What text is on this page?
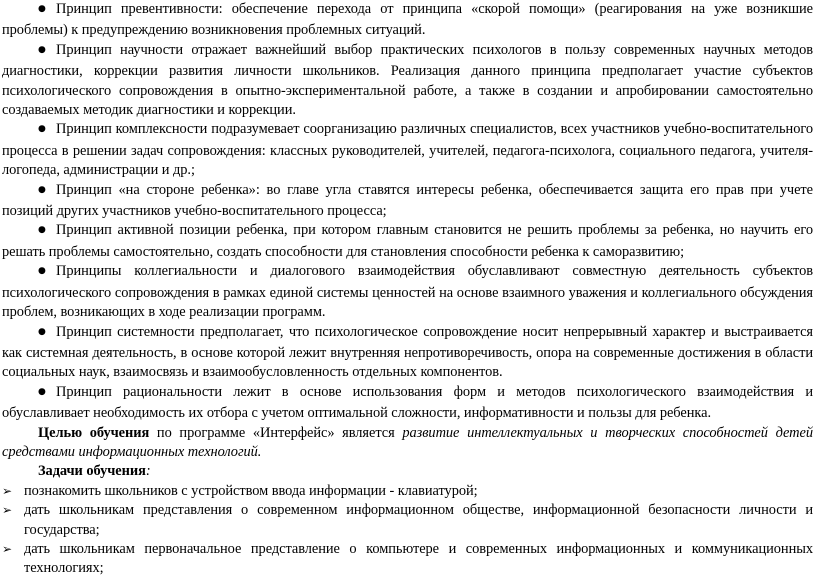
●Принцип превентивности: обеспечение перехода от принципа «скорой помощи» (реагирования на уже возникшие проблемы) к предупреждению возникновения проблемных ситуаций.

●Принцип научности отражает важнейший выбор практических психологов в пользу современных научных методов диагностики, коррекции развития личности школьников. Реализация данного принципа предполагает участие субъектов психологического сопровождения в опытно-экспериментальной работе, а также в создании и апробировании самостоятельно создаваемых методик диагностики и коррекции.

●Принцип комплексности подразумевает соорганизацию различных специалистов, всех участников учебно-воспитательного процесса в решении задач сопровождения: классных руководителей, учителей, педагога-психолога, социального педагога, учителя-логопеда, администрации и др.;

●Принцип «на стороне ребенка»: во главе угла ставятся интересы ребенка, обеспечивается защита его прав при учете позиций других участников учебно-воспитательного процесса;

●Принцип активной позиции ребенка, при котором главным становится не решить проблемы за ребенка, но научить его решать проблемы самостоятельно, создать способности для становления способности ребенка к саморазвитию;

●Принципы коллегиальности и диалогового взаимодействия обуславливают совместную деятельность субъектов психологического сопровождения в рамках единой системы ценностей на основе взаимного уважения и коллегиального обсуждения проблем, возникающих в ходе реализации программ.

●Принцип системности предполагает, что психологическое сопровождение носит непрерывный характер и выстраивается как системная деятельность, в основе которой лежит внутренняя непротиворечивость, опора на современные достижения в области социальных наук, взаимосвязь и взаимообусловленность отдельных компонентов.

●Принцип рациональности лежит в основе использования форм и методов психологического взаимодействия и обуславливает необходимость их отбора с учетом оптимальной сложности, информативности и пользы для ребенка.

Целью обучения по программе «Интерфейс» является развитие интеллектуальных и творческих способностей детей средствами информационных технологий.

Задачи обучения:

➢ познакомить школьников с устройством ввода информации - клавиатурой;

➢ дать школьникам представления о современном информационном обществе, информационной безопасности личности и государства;

➢ дать школьникам первоначальное представление о компьютере и современных информационных и коммуникационных технологиях;
